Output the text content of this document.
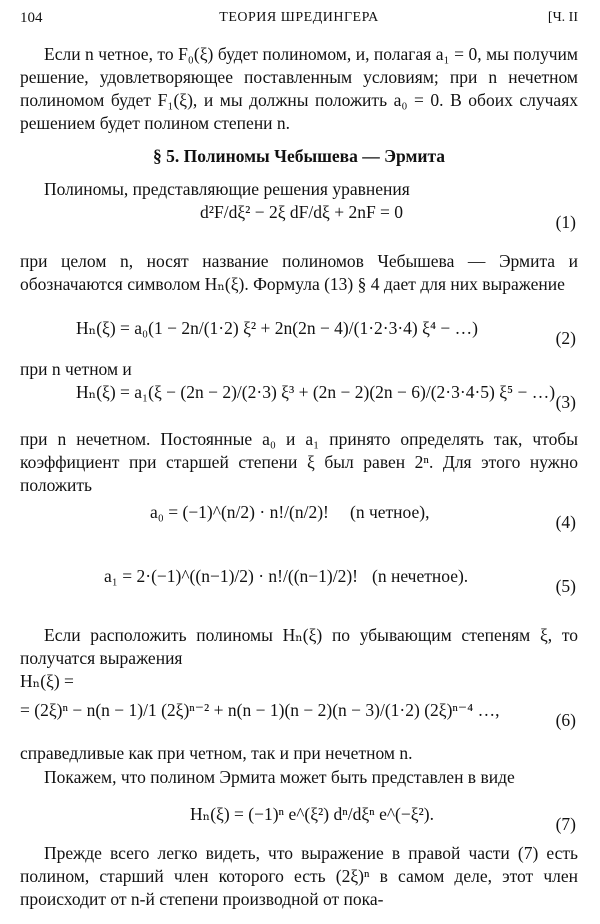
104	ТЕОРИЯ ШРЕДИНГЕРА	[Ч. II
Если n четное, то F₀(ξ) будет полиномом, и, полагая a₁ = 0, мы получим решение, удовлетворяющее поставленным условиям; при n нечетном полиномом будет F₁(ξ), и мы должны положить a₀ = 0. В обоих случаях решением будет полином степени n.
§ 5. Полиномы Чебышева — Эрмита
Полиномы, представляющие решения уравнения
d²F/dξ² − 2ξ dF/dξ + 2nF = 0	(1)
при целом n, носят название полиномов Чебышева — Эрмита и обозначаются символом Hₙ(ξ). Формула (13) § 4 дает для них выражение
Hₙ(ξ) = a₀(1 − 2n/(1·2) ξ² + 2n(2n − 4)/(1·2·3·4) ξ⁴ − …)	(2)
при n четном и
Hₙ(ξ) = a₁(ξ − (2n − 2)/(2·3) ξ³ + (2n − 2)(2n − 6)/(2·3·4·5) ξ⁵ − …) (3)
при n нечетном. Постоянные a₀ и a₁ принято определять так, чтобы коэффициент при старшей степени ξ был равен 2ⁿ. Для этого нужно положить
a₀ = (−1)^(n/2) · n!/(n/2)! (n четное),	(4)
a₁ = 2·(−1)^((n−1)/2) · n!/((n−1)/2)! (n нечетное).	(5)
Если расположить полиномы Hₙ(ξ) по убывающим степеням ξ, то получатся выражения
Hₙ(ξ) =
= (2ξ)ⁿ − n(n − 1)/1 (2ξ)ⁿ⁻² + n(n − 1)(n − 2)(n − 3)/(1·2) (2ξ)ⁿ⁻⁴ …,	(6)
справедливые как при четном, так и при нечетном n.
Покажем, что полином Эрмита может быть представлен в виде
Hₙ(ξ) = (−1)ⁿ e^(ξ²) dⁿ/dξⁿ e^(−ξ²).	(7)
Прежде всего легко видеть, что выражение в правой части (7) есть полином, старший член которого есть (2ξ)ⁿ в самом деле, этот член происходит от n-й степени производной от пока-
